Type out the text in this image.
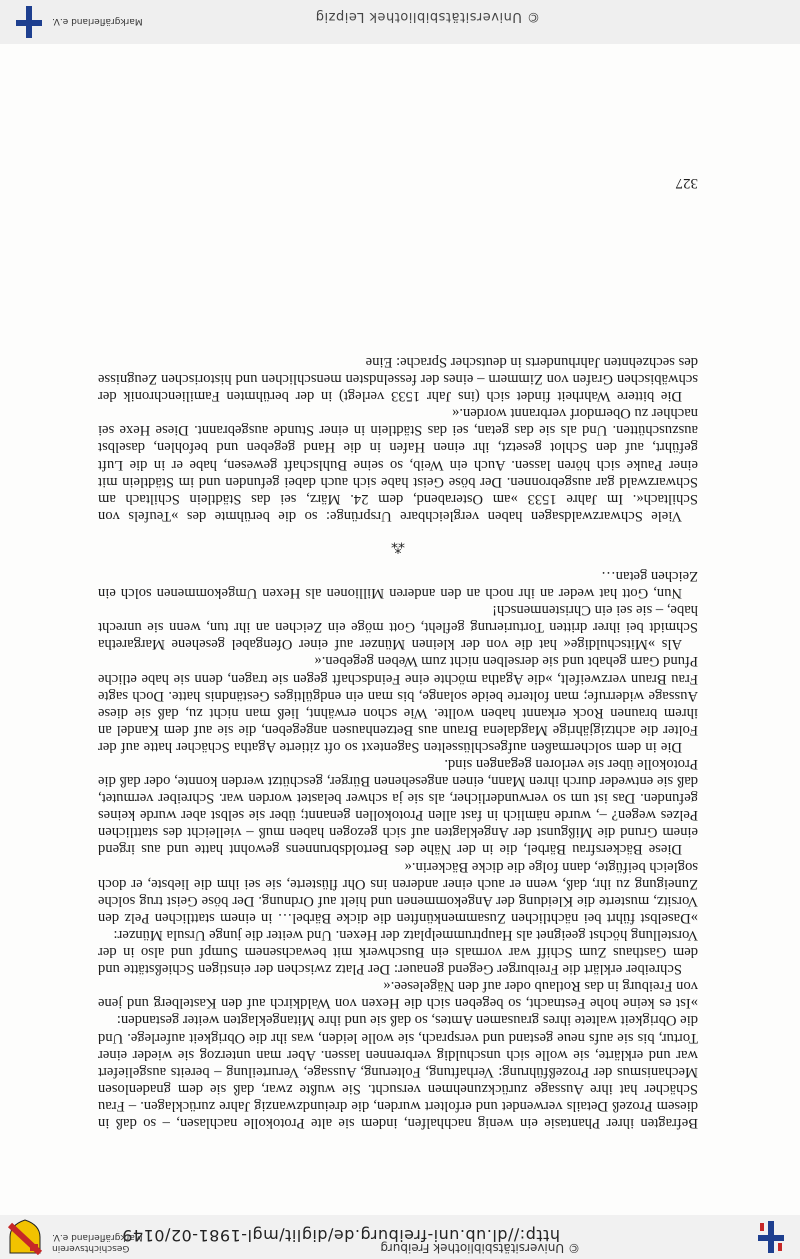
http://dl.ub.uni-freiburg.de/diglit/mgl-1981-02/0149
© Universitätsbibliothek Freiburg
Geschichtsverein Markgräflerland e.V.

Befragten ihrer Phantasie ein wenig nachhalfen, indem sie alte Protokolle nachlasen, – so daß in diesem Prozeß Details verwendet und erfoltert wurden, die dreiundzwanzig Jahre zurücklagen. – Frau Schächer hat ihre Aussage zurückzunehmen versucht. Sie wußte zwar, daß sie dem gnadenlosen Mechanismus der Prozeßführung: Verhaftung, Folterung, Aussage, Verurteilung – bereits ausgeliefert war und erklärte, sie wolle sich unschuldig verbrennen lassen. Aber man unterzog sie wieder einer Tortur, bis sie aufs neue gestand und versprach, sie wolle leiden, was ihr die Obrigkeit auferlege. Und die Obrigkeit waltete ihres grausamen Amtes, so daß sie und ihre Mitangeklagten weiter gestanden:

»Ist es keine hohe Festnacht, so begeben sich die Hexen von Waldkirch auf den Kastelberg und jene von Freiburg in das Rotlaub oder auf den Nägelesee.«

Schreiber erklärt die Freiburger Gegend genauer: Der Platz zwischen der einstigen Schießstätte und dem Gasthaus Zum Schiff war vormals ein Buschwerk mit bewachsenem Sumpf und also in der Vorstellung höchst geeignet als Hauptrummelplatz der Hexen. Und weiter die junge Ursula Münzer:

»Daselbst führt bei nächtlichen Zusammenkünften die dicke Bärbel… in einem stattlichen Pelz den Vorsitz, musterte die Kleidung der Angekommenen und hielt auf Ordnung. Der böse Geist trug solche Zuneigung zu ihr, daß, wenn er auch einer anderen ins Ohr flüsterte, sie sei ihm die liebste, er doch sogleich beifügte, dann folge die dicke Bäckerin.«

Diese Bäckersfrau Bärbel, die in der Nähe des Bertoldsbrunnens gewohnt hatte und aus irgend einem Grund die Mißgunst der Angeklagten auf sich gezogen haben muß – vielleicht des stattlichen Pelzes wegen? –, wurde nämlich in fast allen Protokollen genannt; über sie selbst aber wurde keines gefunden. Das ist um so verwunderlicher, als sie ja schwer belastet worden war. Schreiber vermutet, daß sie entweder durch ihren Mann, einen angesehenen Bürger, geschützt werden konnte, oder daß die Protokolle über sie verloren gegangen sind.

Die in dem solchermaßen aufgeschlüsselten Sagentext so oft zitierte Agatha Schächer hatte auf der Folter die achtzigjährige Magdalena Braun aus Betzenhausen angegeben, die sie auf dem Kandel an ihrem braunen Rock erkannt haben wollte. Wie schon erwähnt, ließ man nicht zu, daß sie diese Aussage widerrufe; man folterte beide solange, bis man ein endgültiges Geständnis hatte. Doch sagte Frau Braun verzweifelt, »die Agatha möchte eine Feindschaft gegen sie tragen, denn sie habe etliche Pfund Garn gehabt und sie derselben nicht zum Weben gegeben.«

Als »Mitschuldige« hat die von der kleinen Münzer auf einer Ofengabel gesehene Margaretha Schmidt bei ihrer dritten Torturierung gefleht, Gott möge ein Zeichen an ihr tun, wenn sie unrecht habe, – sie sei ein Christenmensch!

Nun, Gott hat weder an ihr noch an den anderen Millionen als Hexen Umgekommenen solch ein Zeichen getan…

⁂

Viele Schwarzwaldsagen haben vergleichbare Ursprünge: so die berühmte des »Teufels von Schiltach«. Im Jahre 1533 »am Osterabend, dem 24. März, sei das Städtlein Schiltach am Schwarzwald gar ausgebronnen. Der böse Geist habe sich auch dabei gefunden und im Städtlein mit einer Pauke sich hören lassen. Auch ein Weib, so seine Buhlschaft gewesen, habe er in die Luft geführt, auf den Schlot gesetzt, ihr einen Hafen in die Hand gegeben und befohlen, daselbst auszuschütten. Und als sie das getan, sei das Städtlein in einer Stunde ausgebrannt. Diese Hexe sei nachher zu Oberndorf verbrannt worden.«

Die bittere Wahrheit findet sich (ins Jahr 1533 verlegt) in der berühmten Familienchronik der schwäbischen Grafen von Zimmern – eines der fesselndsten menschlichen und historischen Zeugnisse des sechzehnten Jahrhunderts in deutscher Sprache: Eine

327
© Universitätsbibliothek Leipzig
Markgräflerland e.V.
